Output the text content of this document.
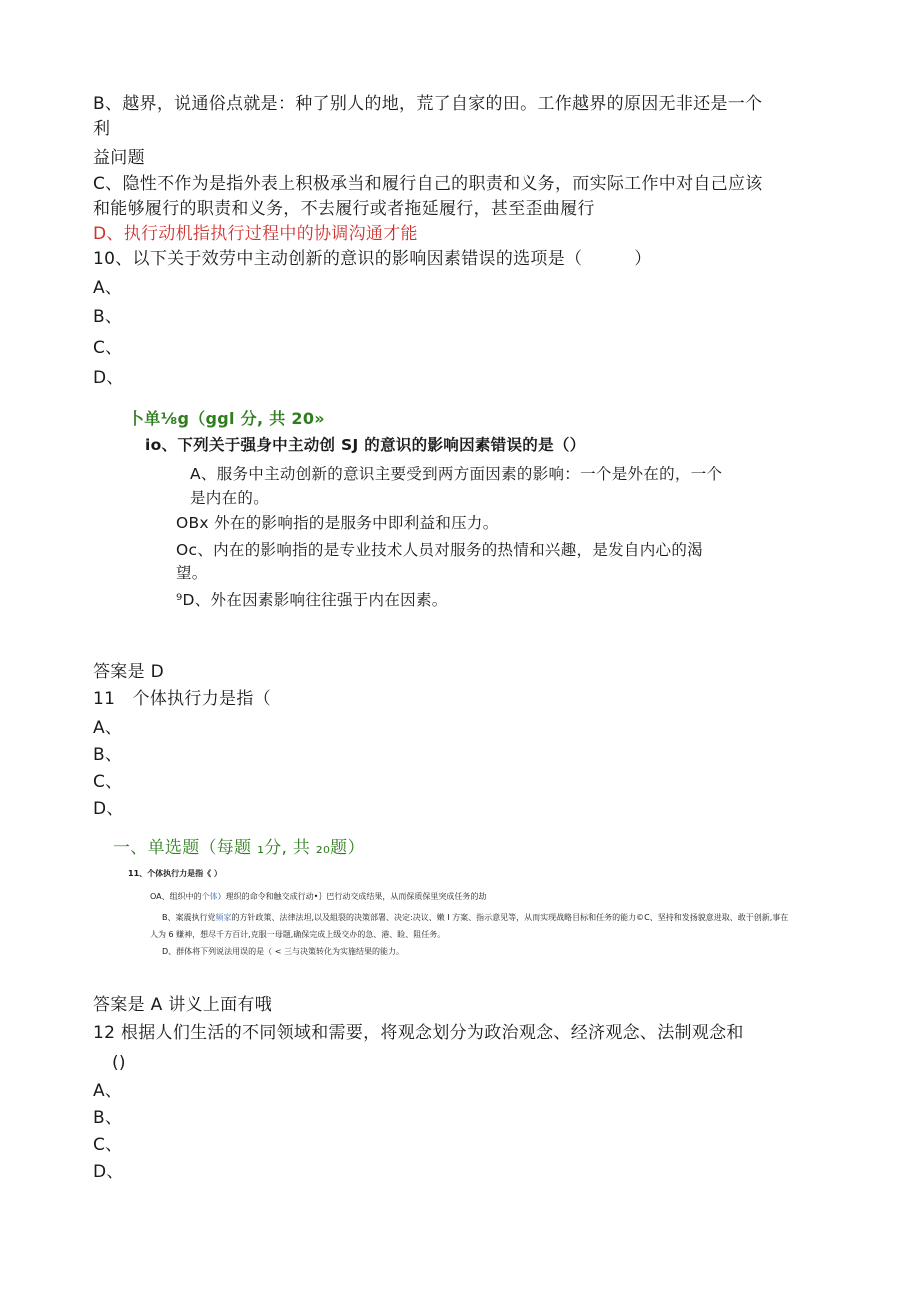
B、越界，说通俗点就是：种了别人的地，荒了自家的田。工作越界的原因无非还是一个
利
益问题
C、隐性不作为是指外表上积极承当和履行自己的职责和义务，而实际工作中对自己应该
和能够履行的职责和义务，不去履行或者拖延履行，甚至歪曲履行
D、执行动机指执行过程中的协调沟通才能
10、以下关于效劳中主动创新的意识的影响因素错误的选项是（　　　）
A、
B、
C、
D、
卜单⅛g（ggl 分, 共 20»
io、下列关于强身中主动创 SJ 的意识的影响因素错误的是（）
A、服务中主动创新的意识主要受到两方面因素的影响：一个是外在的，一个
是内在的。
OBx 外在的影响指的是服务中即利益和压力。
Oc、内在的影响指的是专业技术人员对服务的热情和兴趣，是发自内心的渴
望。
⁹D、外在因素影响往往强于内在因素。
答案是 D
11　个体执行力是指（
A、
B、
C、
D、
一、单选题（每题 ₁分, 共 ₂₀题）
11、个体执行力是指《 ）
OA、组织中的个体）理织的命令和触交成行动•｝巴行动交成结果，从而保质保里突成任务的劫
B、案震执行党频家的方针政策、法律法坦,以及組裂的决策部署、决定:决议、嫩 I 方案、指示意见等，从而实现战略目标和任务的能力©C、坚持和发扬貌意进取、敢于创新,事在
人为 6 赚神，想尽千方百计,克服一母题,确保完成上级交办的急、港、睑、阻任务。
D、群体将下列说法用误的是（ < 三与决策转化为实施结果的能力。
答案是 A 讲义上面有哦
12 根据人们生活的不同领域和需要，将观念划分为政治观念、经济观念、法制观念和
()
A、
B、
C、
D、
